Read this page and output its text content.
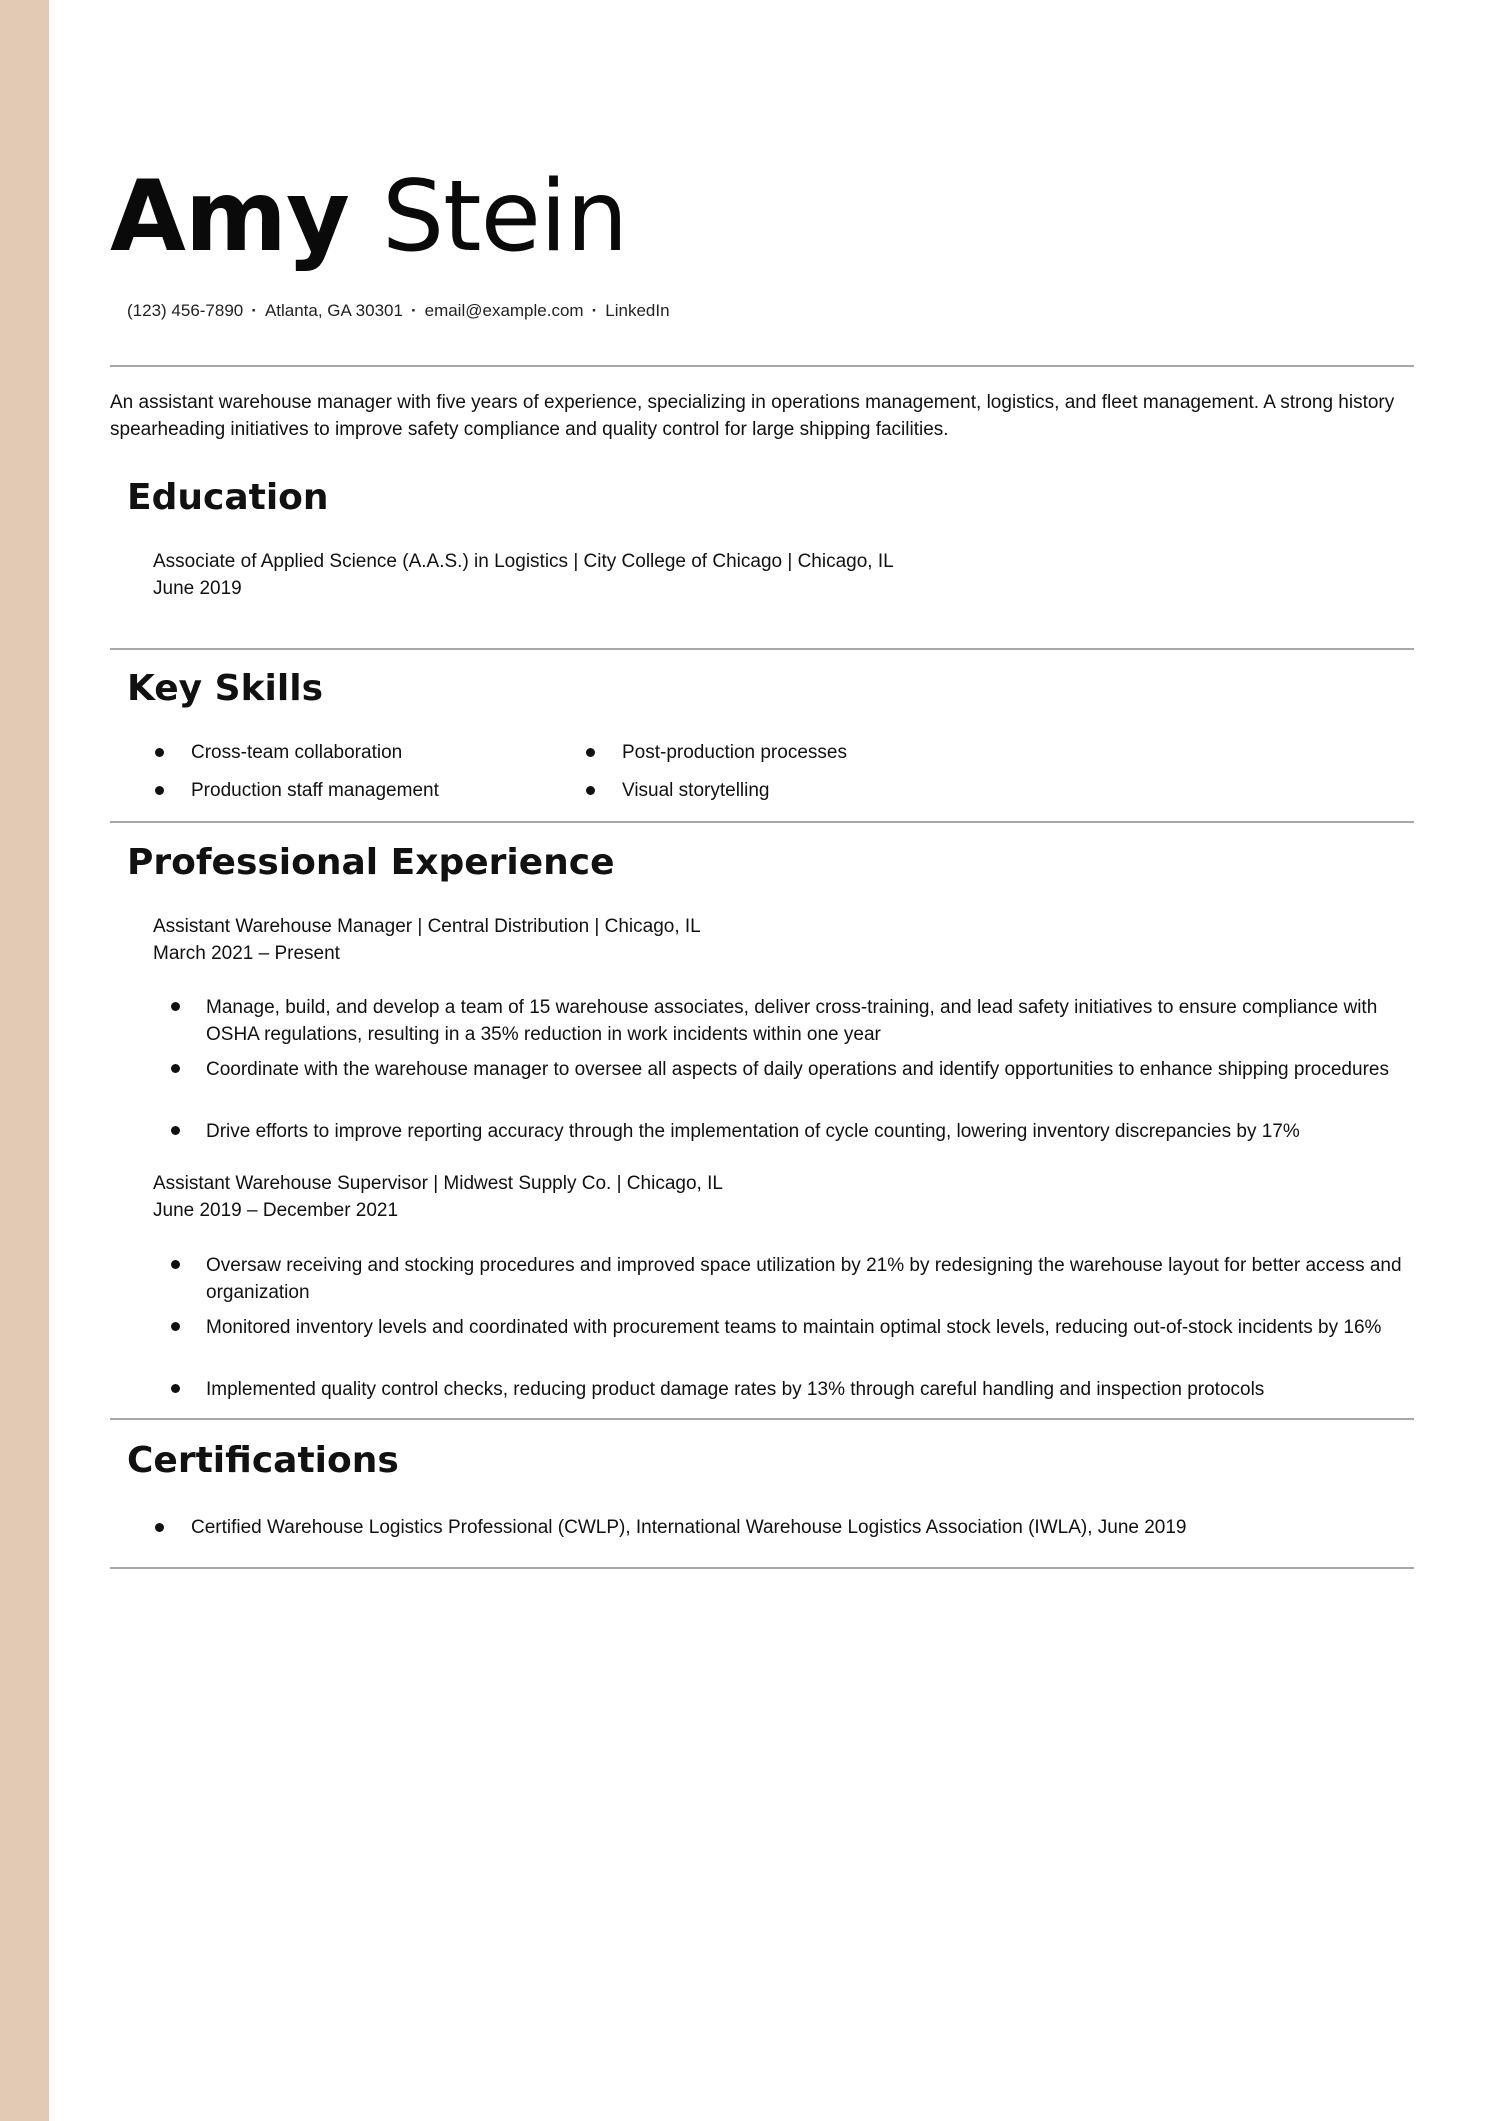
Amy Stein
(123) 456-7890 · Atlanta, GA 30301 · email@example.com · LinkedIn

An assistant warehouse manager with five years of experience, specializing in operations management, logistics, and fleet management. A strong history spearheading initiatives to improve safety compliance and quality control for large shipping facilities.

Education
Associate of Applied Science (A.A.S.) in Logistics | City College of Chicago | Chicago, IL
June 2019
Key Skills
Cross-team collaboration
Production staff management
Post-production processes
Visual storytelling
Professional Experience
Assistant Warehouse Manager | Central Distribution | Chicago, IL
March 2021 – Present
Manage, build, and develop a team of 15 warehouse associates, deliver cross-training, and lead safety initiatives to ensure compliance with OSHA regulations, resulting in a 35% reduction in work incidents within one year
Coordinate with the warehouse manager to oversee all aspects of daily operations and identify opportunities to enhance shipping procedures
Drive efforts to improve reporting accuracy through the implementation of cycle counting, lowering inventory discrepancies by 17%
Assistant Warehouse Supervisor | Midwest Supply Co. | Chicago, IL
June 2019 – December 2021
Oversaw receiving and stocking procedures and improved space utilization by 21% by redesigning the warehouse layout for better access and organization
Monitored inventory levels and coordinated with procurement teams to maintain optimal stock levels, reducing out-of-stock incidents by 16%
Implemented quality control checks, reducing product damage rates by 13% through careful handling and inspection protocols
Certifications
Certified Warehouse Logistics Professional (CWLP), International Warehouse Logistics Association (IWLA), June 2019
